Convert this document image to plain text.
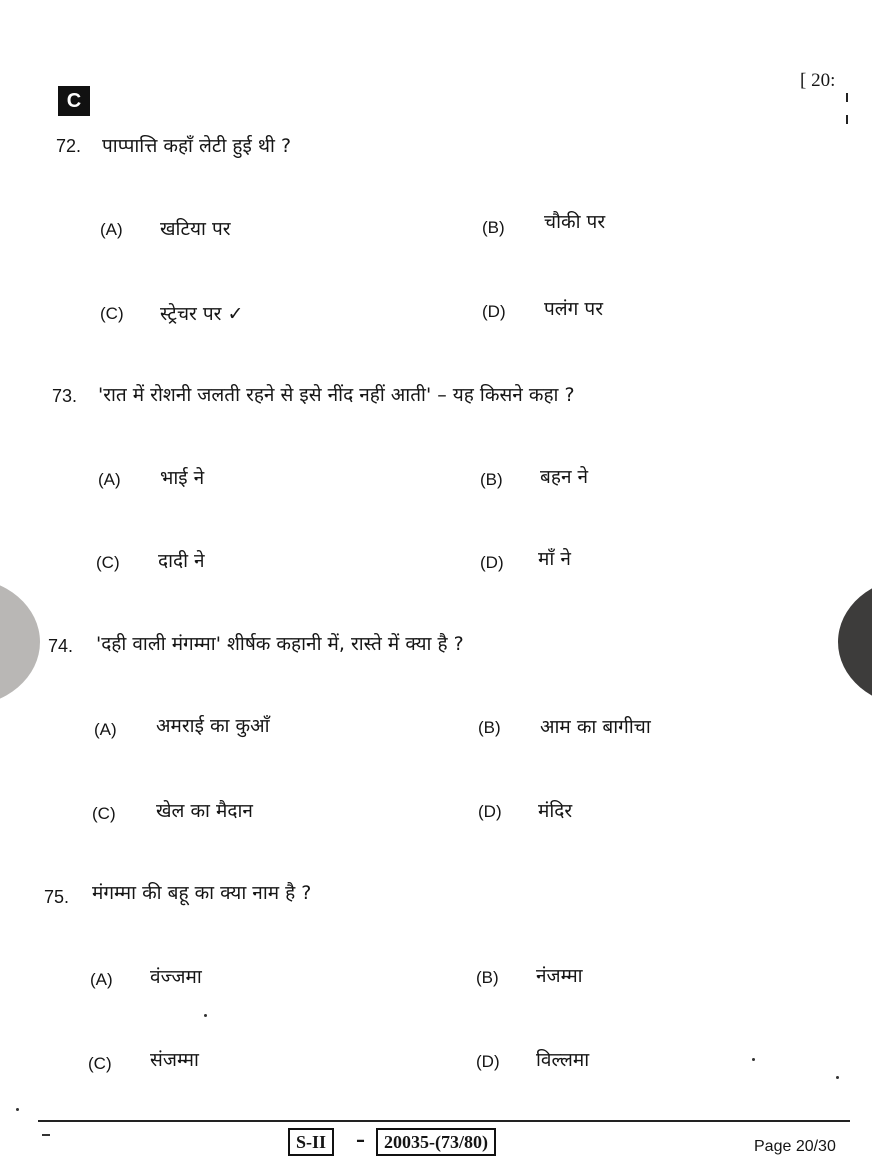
C
[ 20:
72. पाप्पात्ति कहाँ लेटी हुई थी ?
(A) खटिया पर	(B) चौकी पर
(C) स्ट्रेचर पर ✓	(D) पलंग पर
73. 'रात में रोशनी जलती रहने से इसे नींद नहीं आती' – यह किसने कहा ?
(A) भाई ने	(B) बहन ने
(C) दादी ने	(D) माँ ने
74. 'दही वाली मंगम्मा' शीर्षक कहानी में, रास्ते में क्या है ?
(A) अमराई का कुआँ	(B) आम का बागीचा
(C) खेल का मैदान	(D) मंदिर
75. मंगम्मा की बहू का क्या नाम है ?
(A) वंज्जमा	(B) नंजम्मा
(C) संजम्मा	(D) विल्लमा
S-II	–	20035-(73/80)	Page 20/30
